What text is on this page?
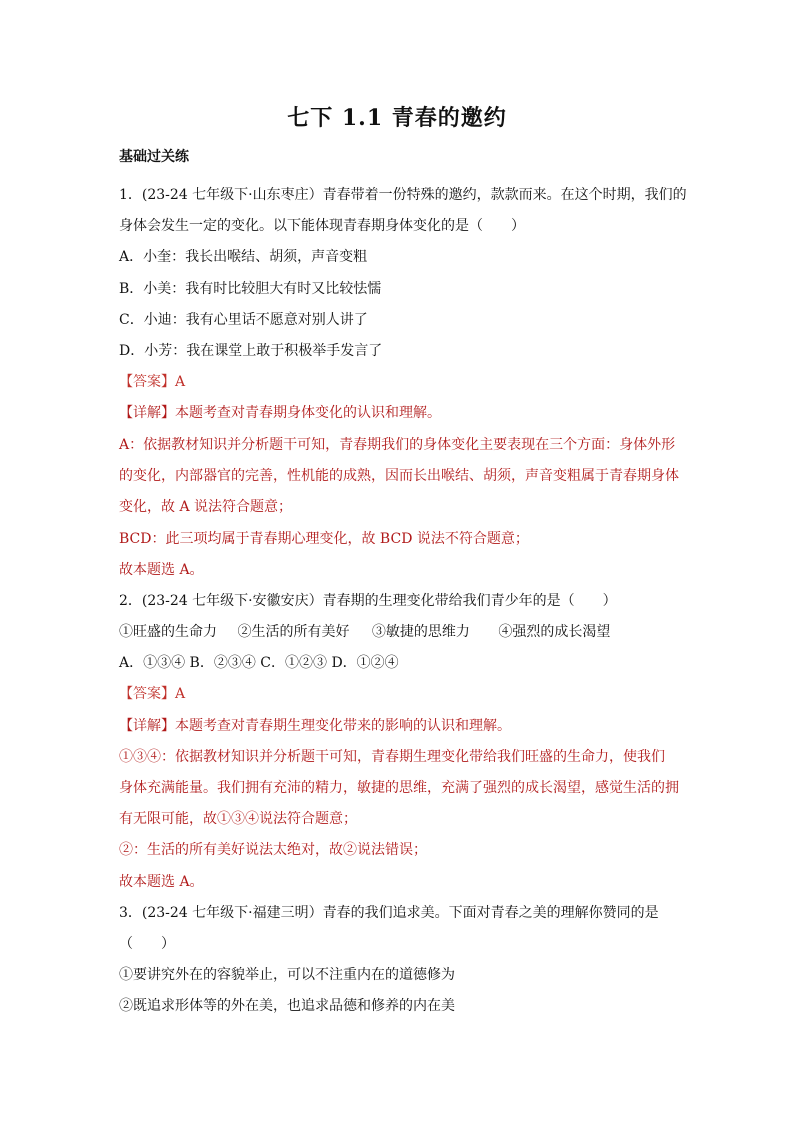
七下 1.1 青春的邀约
基础过关练
1．(23-24 七年级下·山东枣庄）青春带着一份特殊的邀约，款款而来。在这个时期，我们的
身体会发生一定的变化。以下能体现青春期身体变化的是（　　）
A．小奎：我长出喉结、胡须，声音变粗
B．小美：我有时比较胆大有时又比较怯懦
C．小迪：我有心里话不愿意对别人讲了
D．小芳：我在课堂上敢于积极举手发言了
【答案】A
【详解】本题考查对青春期身体变化的认识和理解。
A：依据教材知识并分析题干可知，青春期我们的身体变化主要表现在三个方面：身体外形
的变化，内部器官的完善，性机能的成熟，因而长出喉结、胡须，声音变粗属于青春期身体
变化，故 A 说法符合题意；
BCD：此三项均属于青春期心理变化，故 BCD 说法不符合题意；
故本题选 A。
2．(23-24 七年级下·安徽安庆）青春期的生理变化带给我们青少年的是（　　）
①旺盛的生命力 ②生活的所有美好 ③敏捷的思维力 ④强烈的成长渴望
A．①③④ B．②③④ C．①②③ D．①②④
【答案】A
【详解】本题考查对青春期生理变化带来的影响的认识和理解。
①③④：依据教材知识并分析题干可知，青春期生理变化带给我们旺盛的生命力，使我们
身体充满能量。我们拥有充沛的精力，敏捷的思维，充满了强烈的成长渴望，感觉生活的拥
有无限可能，故①③④说法符合题意；
②：生活的所有美好说法太绝对，故②说法错误；
故本题选 A。
3．(23-24 七年级下·福建三明）青春的我们追求美。下面对青春之美的理解你赞同的是
（　　）
①要讲究外在的容貌举止，可以不注重内在的道德修为
②既追求形体等的外在美，也追求品德和修养的内在美
